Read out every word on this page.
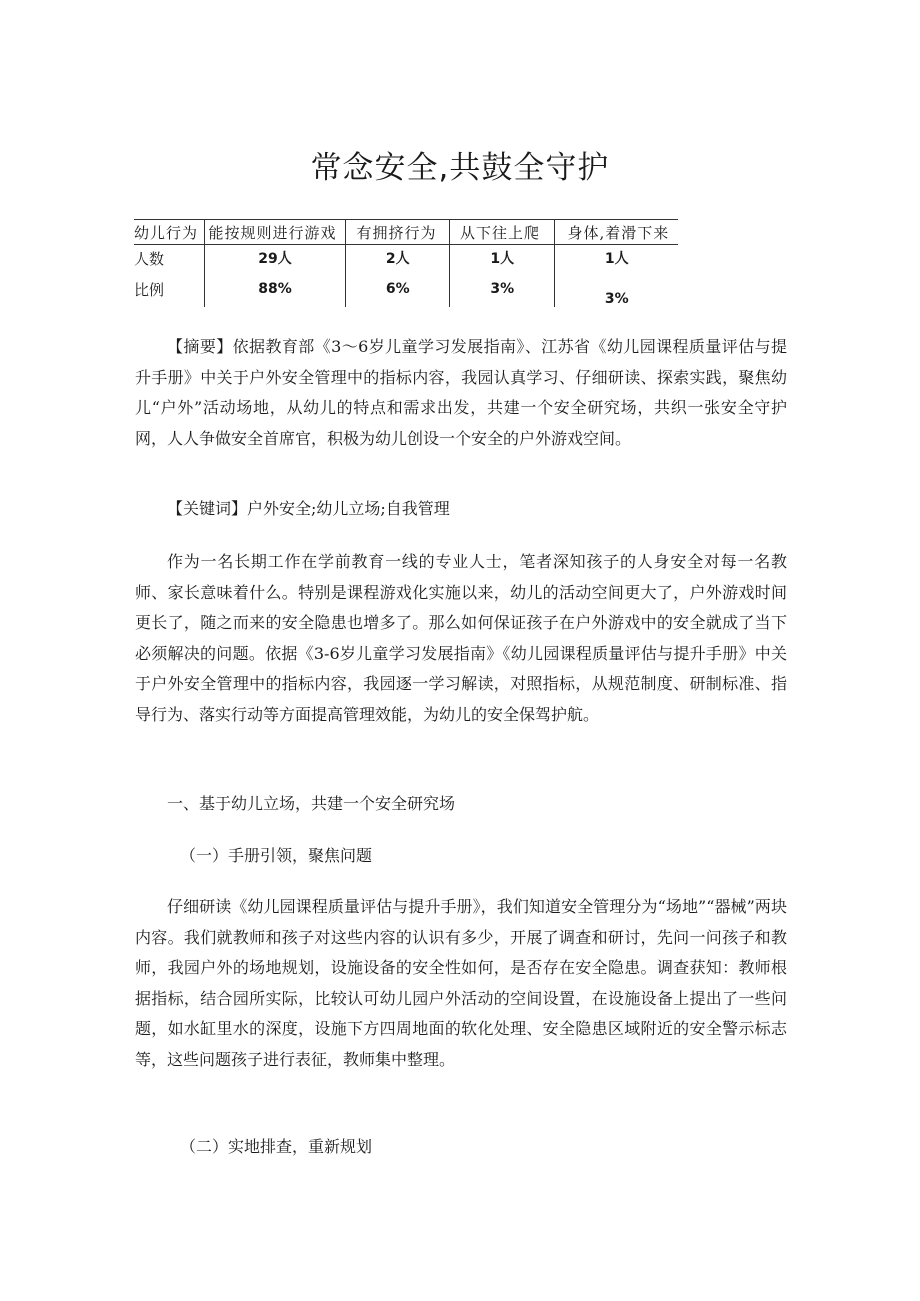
常念安全,共鼓全守护
幼儿行为	能按规则进行游戏	有拥挤行为	从下往上爬	身体,着滑下来
人数	29人	2人	1人	1人
比例	88%	6%	3%	3%

【摘要】依据教育部《3～6岁儿童学习发展指南》、江苏省《幼儿园课程质量评估与提升手册》中关于户外安全管理中的指标内容，我园认真学习、仔细研读、探索实践，聚焦幼儿“户外”活动场地，从幼儿的特点和需求出发，共建一个安全研究场，共织一张安全守护网，人人争做安全首席官，积极为幼儿创设一个安全的户外游戏空间。

【关键词】户外安全;幼儿立场;自我管理

作为一名长期工作在学前教育一线的专业人士，笔者深知孩子的人身安全对每一名教师、家长意味着什么。特别是课程游戏化实施以来，幼儿的活动空间更大了，户外游戏时间更长了，随之而来的安全隐患也增多了。那么如何保证孩子在户外游戏中的安全就成了当下必须解决的问题。依据《3-6岁儿童学习发展指南》《幼儿园课程质量评估与提升手册》中关于户外安全管理中的指标内容，我园逐一学习解读，对照指标，从规范制度、研制标准、指导行为、落实行动等方面提高管理效能，为幼儿的安全保驾护航。

一、基于幼儿立场，共建一个安全研究场

（一）手册引领，聚焦问题

仔细研读《幼儿园课程质量评估与提升手册》，我们知道安全管理分为“场地”“器械”两块内容。我们就教师和孩子对这些内容的认识有多少，开展了调查和研讨，先问一问孩子和教师，我园户外的场地规划，设施设备的安全性如何，是否存在安全隐患。调查获知：教师根据指标，结合园所实际，比较认可幼儿园户外活动的空间设置，在设施设备上提出了一些问题，如水缸里水的深度，设施下方四周地面的软化处理、安全隐患区域附近的安全警示标志等，这些问题孩子进行表征，教师集中整理。

（二）实地排查，重新规划
